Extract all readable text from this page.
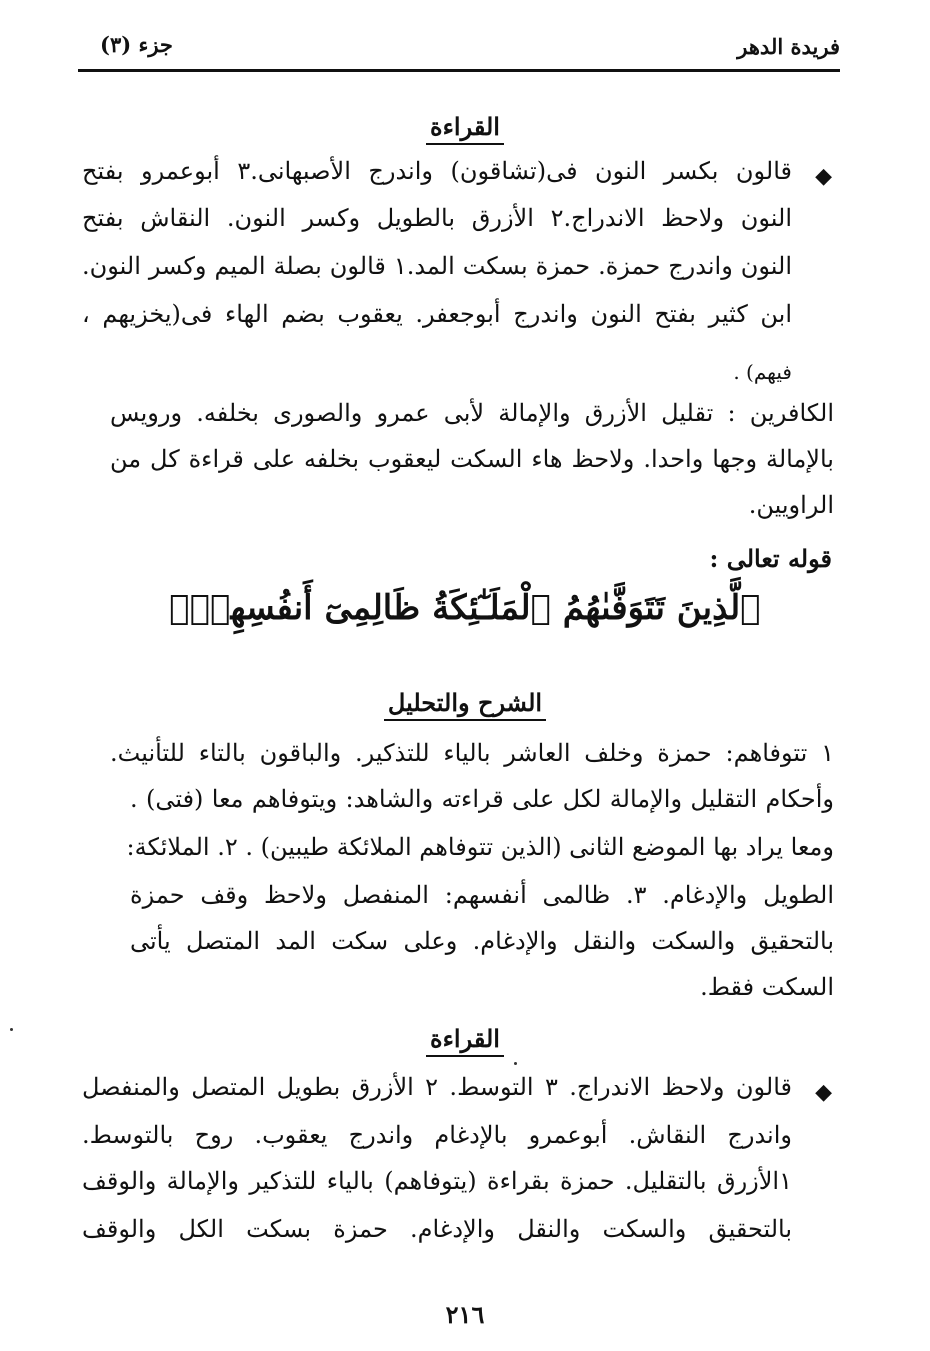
فريدة الدهر
جزء (٣)
القراءة
◆
قالون بكسر النون فى(تشاقون) واندرج الأصبهانى.٣ أبوعمرو بفتح
النون ولاحظ الاندراج.٢ الأزرق بالطويل وكسر النون. النقاش بفتح
النون واندرج حمزة. حمزة بسكت المد.١ قالون بصلة الميم وكسر النون.
ابن كثير بفتح النون واندرج أبوجعفر. يعقوب بضم الهاء فى(يخزيهم ،
فيهم) .
الكافرين : تقليل الأزرق والإمالة لأبى عمرو والصورى بخلفه. ورويس
بالإمالة وجها واحدا. ولاحظ هاء السكت ليعقوب بخلفه على قراءة كل من
الراويين.
قوله تعالى :
ٱلَّذِينَ تَتَوَفَّىٰهُمُ ٱلْمَلَـٰٓئِكَةُ ظَالِمِىٓ أَنفُسِهِمْۖ
الشرح والتحليل
١ تتوفاهم: حمزة وخلف العاشر بالياء للتذكير. والباقون بالتاء للتأنيث.
وأحكام التقليل والإمالة لكل على قراءته والشاهد: ويتوفاهم معا (فتى) .
ومعا يراد بها الموضع الثانى (الذين تتوفاهم الملائكة طيبين) . ٢. الملائكة:
الطويل والإدغام. ٣. ظالمى أنفسهم: المنفصل ولاحظ وقف حمزة
بالتحقيق والسكت والنقل والإدغام. وعلى سكت المد المتصل يأتى
السكت فقط.
القراءة
◆
قالون ولاحظ الاندراج. ٣ التوسط. ٢ الأزرق بطويل المتصل والمنفصل
واندرج النقاش. أبوعمرو بالإدغام واندرج يعقوب. روح بالتوسط.
١الأزرق بالتقليل. حمزة بقراءة (يتوفاهم) بالياء للتذكير والإمالة والوقف
بالتحقيق والسكت والنقل والإدغام. حمزة بسكت الكل والوقف
٢١٦
